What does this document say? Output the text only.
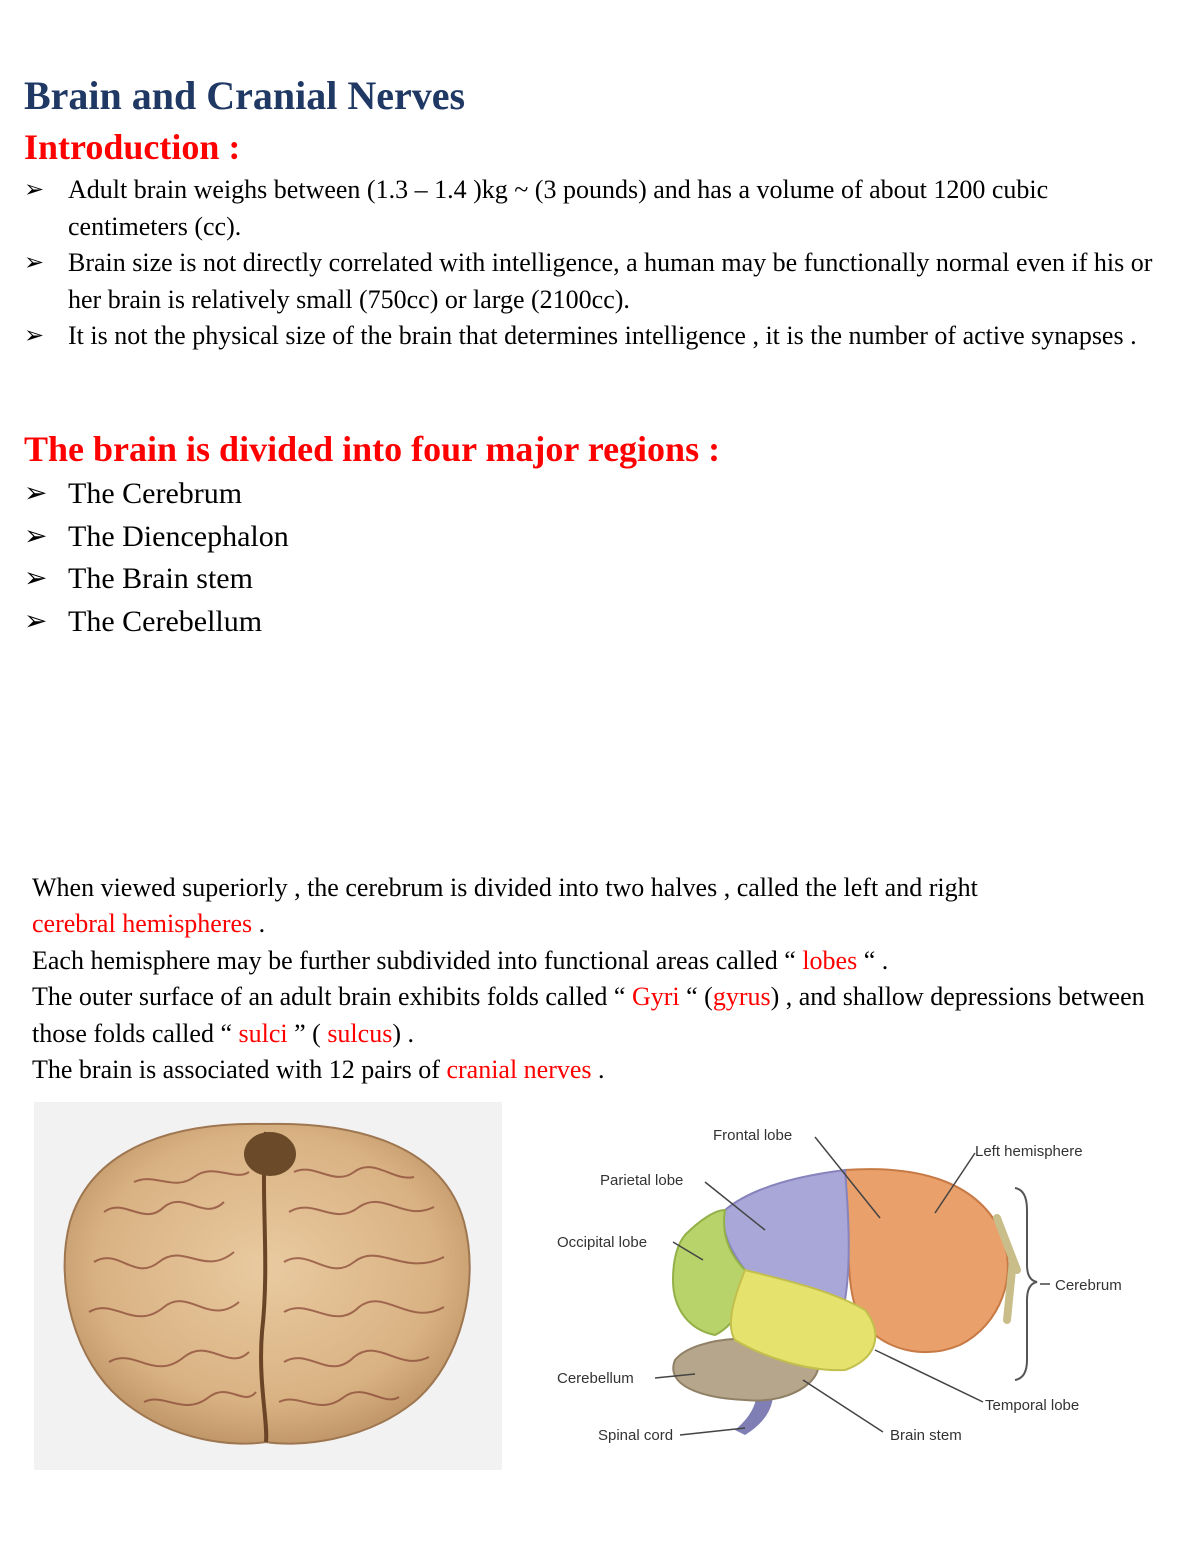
Brain and Cranial Nerves
Introduction :
➢ Adult brain weighs between (1.3 – 1.4 )kg ~ (3 pounds) and has a volume of about 1200 cubic centimeters (cc).
➢ Brain size is not directly correlated with intelligence, a human may be functionally normal even if his or her brain is relatively small (750cc) or large (2100cc).
➢ It is not the physical size of the brain that determines intelligence , it is the number of active synapses .
The brain is divided into four major regions :
➢ The Cerebrum
➢ The Diencephalon
➢ The Brain stem
➢ The Cerebellum

When viewed superiorly , the cerebrum is divided into two halves , called the left and right
cerebral hemispheres .

Each hemisphere may be further subdivided into functional areas called “ lobes “ .

The outer surface of an adult brain exhibits folds called “ Gyri “ (gyrus) , and shallow depressions between those folds called “ sulci ” ( sulcus) .

The brain is associated with 12 pairs of cranial nerves .

Frontal lobe
Left hemisphere
Parietal lobe
Occipital lobe
Cerebrum
Cerebellum
Temporal lobe
Spinal cord	Brain stem
